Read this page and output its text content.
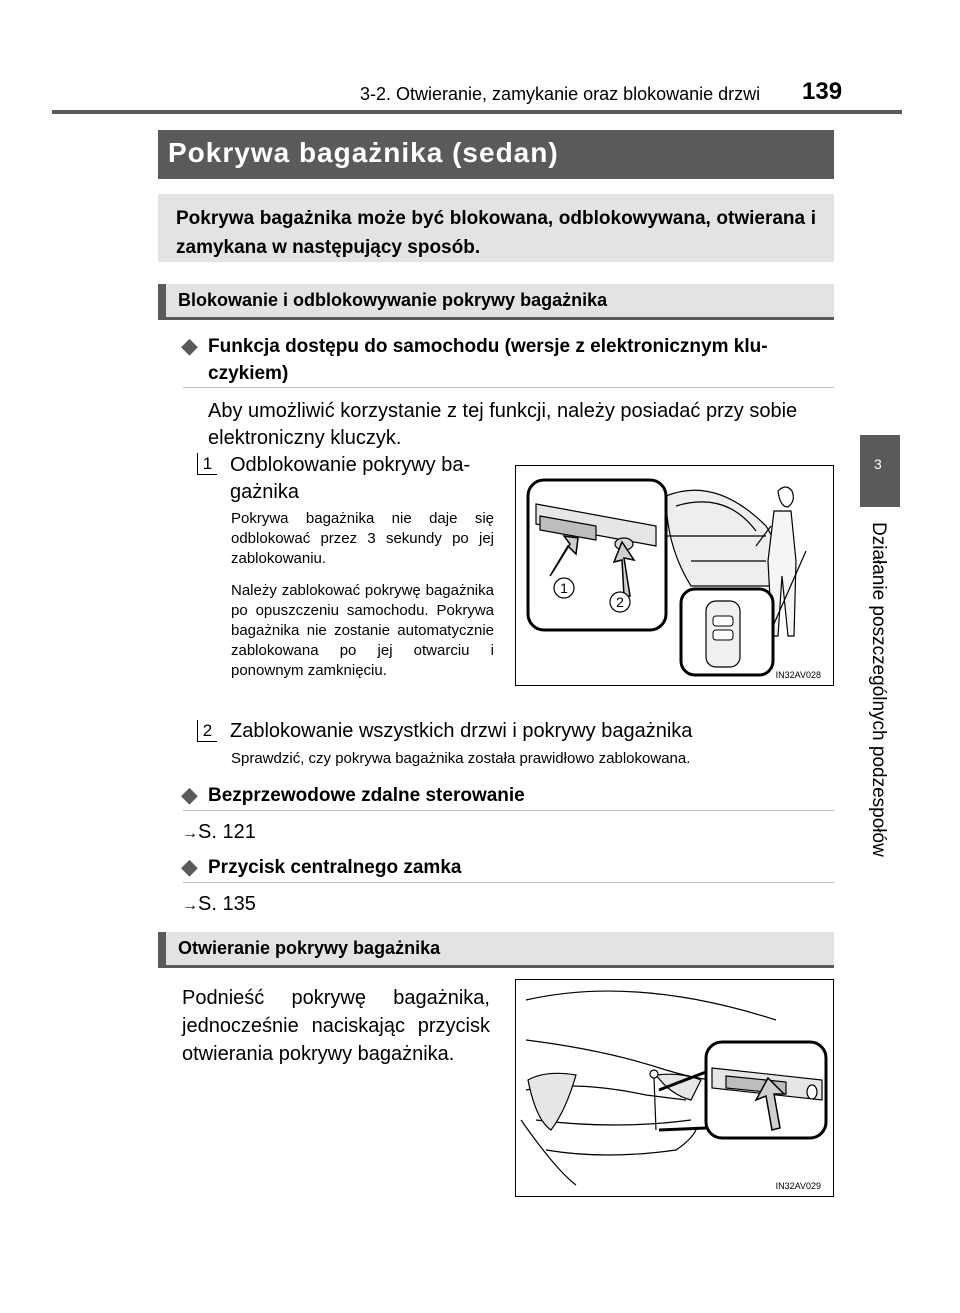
3-2. Otwieranie, zamykanie oraz blokowanie drzwi 139
3
Działanie poszczególnych podzespołów
Pokrywa bagażnika (sedan)
Pokrywa bagażnika może być blokowana, odblokowywana, otwierana i zamykana w następujący sposób.
Blokowanie i odblokowywanie pokrywy bagażnika
◆ Funkcja dostępu do samochodu (wersje z elektronicznym klu-
czykiem)
Aby umożliwić korzystanie z tej funkcji, należy posiadać przy sobie
elektroniczny kluczyk.
1 Odblokowanie pokrywy ba-
gażnika
Pokrywa bagażnika nie daje się odblokować przez 3 sekundy po jej zablokowaniu.
Należy zablokować pokrywę bagażnika po opuszczeniu samochodu. Pokrywa bagażnika nie zostanie automatycznie zablokowana po jej otwarciu i ponownym zamknięciu.
1
2
IN32AV028
2 Zablokowanie wszystkich drzwi i pokrywy bagażnika
Sprawdzić, czy pokrywa bagażnika została prawidłowo zablokowana.
◆ Bezprzewodowe zdalne sterowanie
→S. 121
◆ Przycisk centralnego zamka
→S. 135
Otwieranie pokrywy bagażnika
Podnieść pokrywę bagażnika, jednocześnie naciskając przycisk otwierania pokrywy bagażnika.
IN32AV029
